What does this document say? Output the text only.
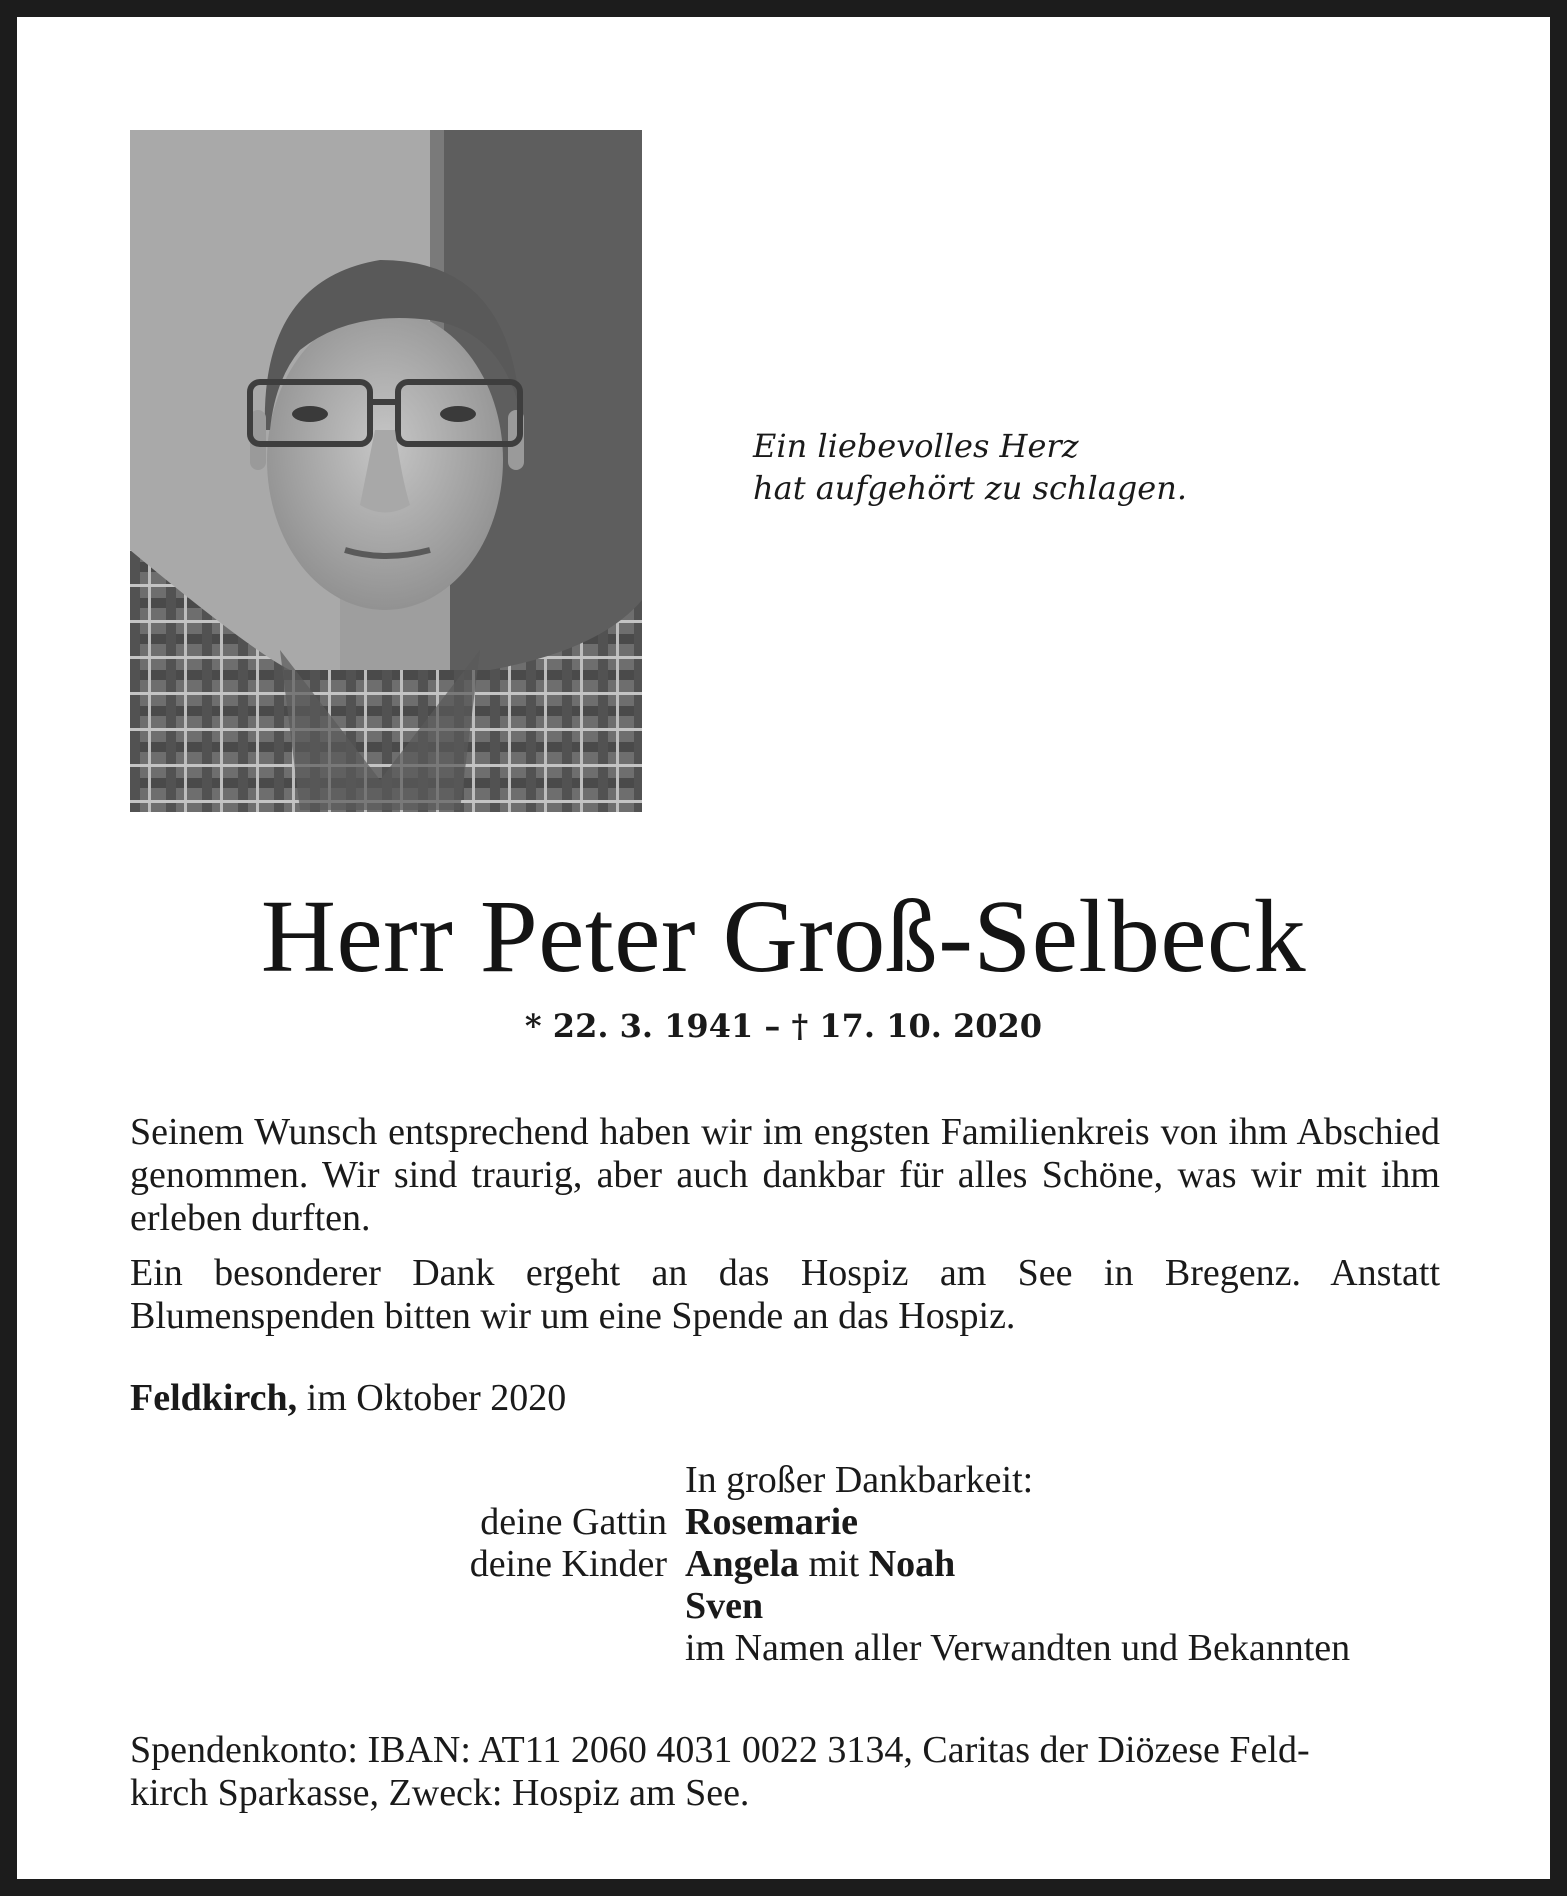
Ein liebevolles Herz
hat aufgehört zu schlagen.
Herr Peter Groß-Selbeck
* 22. 3. 1941 – † 17. 10. 2020
Seinem Wunsch entsprechend haben wir im engsten Familienkreis von ihm Abschied genommen. Wir sind traurig, aber auch dankbar für alles Schöne, was wir mit ihm erleben durften.
Ein besonderer Dank ergeht an das Hospiz am See in Bregenz. Anstatt Blumenspenden bitten wir um eine Spende an das Hospiz.
Feldkirch, im Oktober 2020
In großer Dankbarkeit:
deine Gattin Rosemarie
deine Kinder Angela mit Noah
Sven
im Namen aller Verwandten und Bekannten
Spendenkonto: IBAN: AT11 2060 4031 0022 3134, Caritas der Diözese Feld-
kirch Sparkasse, Zweck: Hospiz am See.
